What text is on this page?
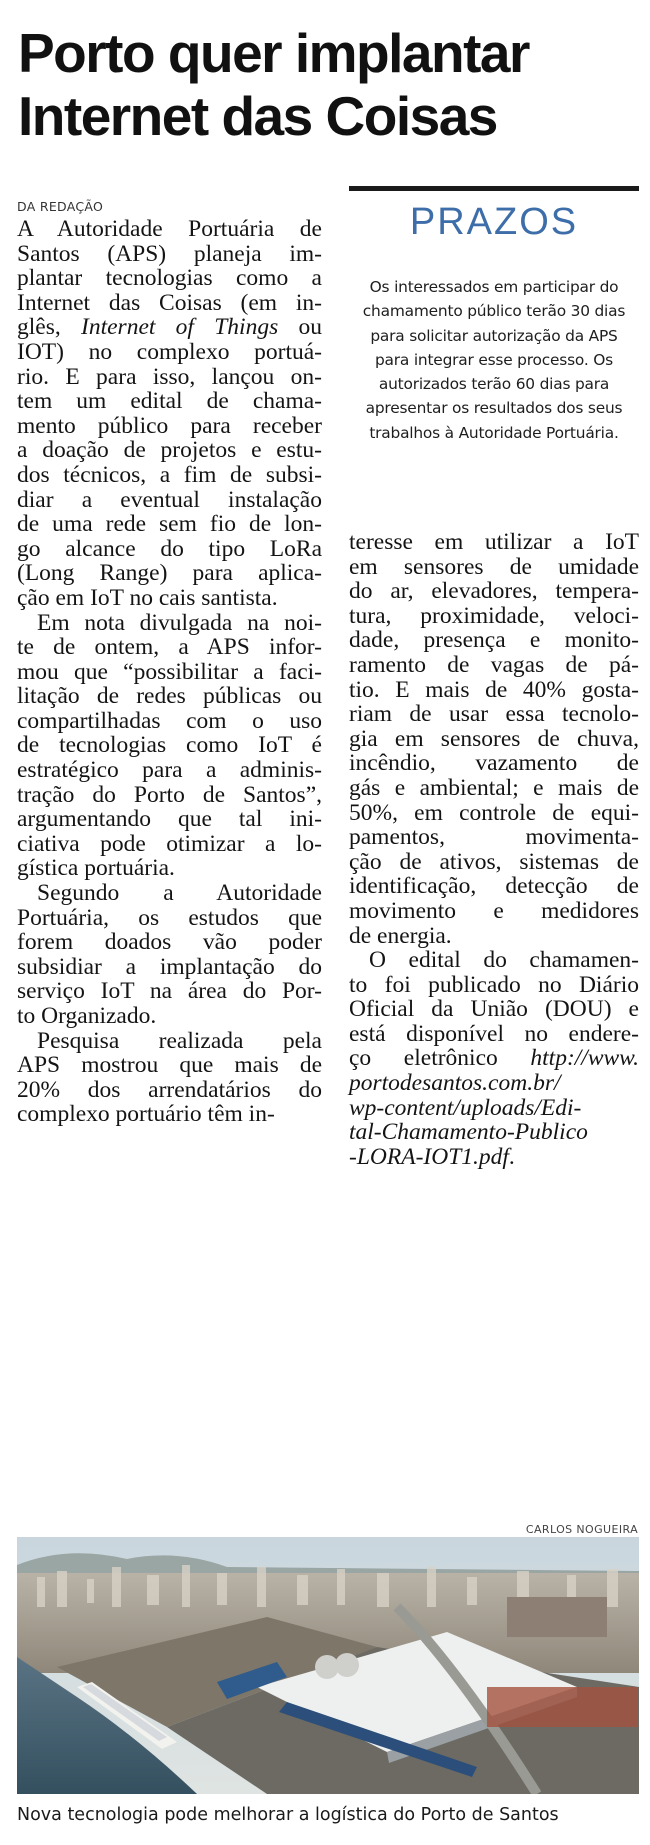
Porto quer implantar
Internet das Coisas
DA REDAÇÃO
A Autoridade Portuária de
Santos (APS) planeja im-
plantar tecnologias como a
Internet das Coisas (em in-
glês, Internet of Things ou
IOT) no complexo portuá-
rio. E para isso, lançou on-
tem um edital de chama-
mento público para receber
a doação de projetos e estu-
dos técnicos, a fim de subsi-
diar a eventual instalação
de uma rede sem fio de lon-
go alcance do tipo LoRa
(Long Range) para aplica-
ção em IoT no cais santista.
Em nota divulgada na noi-
te de ontem, a APS infor-
mou que “possibilitar a faci-
litação de redes públicas ou
compartilhadas com o uso
de tecnologias como IoT é
estratégico para a adminis-
tração do Porto de Santos”,
argumentando que tal ini-
ciativa pode otimizar a lo-
gística portuária.
Segundo a Autoridade
Portuária, os estudos que
forem doados vão poder
subsidiar a implantação do
serviço IoT na área do Por-
to Organizado.
Pesquisa realizada pela
APS mostrou que mais de
20% dos arrendatários do
complexo portuário têm in-
teresse em utilizar a IoT
em sensores de umidade
do ar, elevadores, tempera-
tura, proximidade, veloci-
dade, presença e monito-
ramento de vagas de pá-
tio. E mais de 40% gosta-
riam de usar essa tecnolo-
gia em sensores de chuva,
incêndio, vazamento de
gás e ambiental; e mais de
50%, em controle de equi-
pamentos, movimenta-
ção de ativos, sistemas de
identificação, detecção de
movimento e medidores
de energia.
O edital do chamamen-
to foi publicado no Diário
Oficial da União (DOU) e
está disponível no endere-
ço eletrônico http://www.
portodesantos.com.br/
wp-content/uploads/Edi-
tal-Chamamento-Publico
-LORA-IOT1.pdf.
PRAZOS
Os interessados em participar do
chamamento público terão 30 dias
para solicitar autorização da APS
para integrar esse processo. Os
autorizados terão 60 dias para
apresentar os resultados dos seus
trabalhos à Autoridade Portuária.
CARLOS NOGUEIRA
Nova tecnologia pode melhorar a logística do Porto de Santos
